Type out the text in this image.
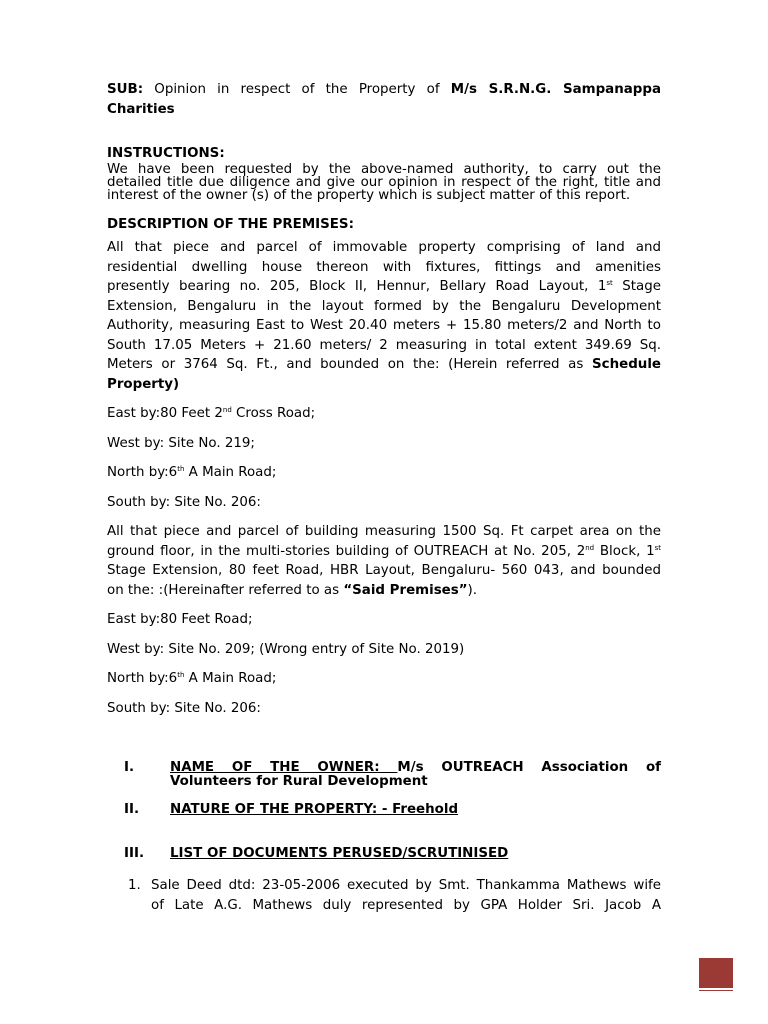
SUB: Opinion in respect of the Property of M/s S.R.N.G. Sampanappa

Charities

INSTRUCTIONS:

We have been requested by the above-named authority, to carry out the

detailed title due diligence and give our opinion in respect of the right, title and

interest of the owner (s) of the property which is subject matter of this report.

DESCRIPTION OF THE PREMISES:

All that piece and parcel of immovable property comprising of land and

residential dwelling house thereon with fixtures, fittings and amenities

presently bearing no. 205, Block II, Hennur, Bellary Road Layout, 1st Stage

Extension, Bengaluru in the layout formed by the Bengaluru Development

Authority, measuring East to West 20.40 meters + 15.80 meters/2 and North to

South 17.05 Meters + 21.60 meters/ 2 measuring in total extent 349.69 Sq.

Meters or 3764 Sq. Ft., and bounded on the: (Herein referred as Schedule

Property)

East by:80 Feet 2nd Cross Road;

West by: Site No. 219;

North by:6th A Main Road;

South by: Site No. 206:

All that piece and parcel of building measuring 1500 Sq. Ft carpet area on the

ground floor, in the multi-stories building of OUTREACH at No. 205, 2nd Block, 1st

Stage Extension, 80 feet Road, HBR Layout, Bengaluru- 560 043, and bounded

on the: :(Hereinafter referred to as “Said Premises”).

East by:80 Feet Road;

West by: Site No. 209; (Wrong entry of Site No. 2019)

North by:6th A Main Road;

South by: Site No. 206:

I.	NAME OF THE OWNER: M/s OUTREACH Association of

Volunteers for Rural Development

II. NATURE OF THE PROPERTY: - Freehold

III. LIST OF DOCUMENTS PERUSED/SCRUTINISED

1. Sale Deed dtd: 23-05-2006 executed by Smt. Thankamma Mathews wife

of Late A.G. Mathews duly represented by GPA Holder Sri. Jacob A
